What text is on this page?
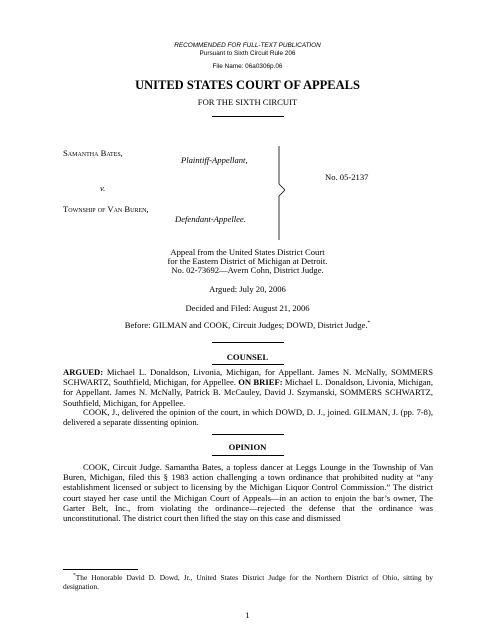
RECOMMENDED FOR FULL-TEXT PUBLICATION
Pursuant to Sixth Circuit Rule 206
File Name: 06a0306p.06
UNITED STATES COURT OF APPEALS
FOR THE SIXTH CIRCUIT
Samantha Bates,
Plaintiff-Appellant,
v.
Township of Van Buren,
Defendant-Appellee.
No. 05-2137
Appeal from the United States District Court
for the Eastern District of Michigan at Detroit.
No. 02-73692—Avern Cohn, District Judge.
Argued: July 20, 2006
Decided and Filed: August 21, 2006
Before: GILMAN and COOK, Circuit Judges; DOWD, District Judge.*
COUNSEL
ARGUED: Michael L. Donaldson, Livonia, Michigan, for Appellant. James N. McNally, SOMMERS SCHWARTZ, Southfield, Michigan, for Appellee. ON BRIEF: Michael L. Donaldson, Livonia, Michigan, for Appellant. James N. McNally, Patrick B. McCauley, David J. Szymanski, SOMMERS SCHWARTZ, Southfield, Michigan, for Appellee.
COOK, J., delivered the opinion of the court, in which DOWD, D. J., joined. GILMAN, J. (pp. 7-8), delivered a separate dissenting opinion.
OPINION
COOK, Circuit Judge. Samantha Bates, a topless dancer at Leggs Lounge in the Township of Van Buren, Michigan, filed this § 1983 action challenging a town ordinance that prohibited nudity at “any establishment licensed or subject to licensing by the Michigan Liquor Control Commission.” The district court stayed her case until the Michigan Court of Appeals—in an action to enjoin the bar’s owner, The Garter Belt, Inc., from violating the ordinance—rejected the defense that the ordinance was unconstitutional. The district court then lifted the stay on this case and dismissed
*The Honorable David D. Dowd, Jr., United States District Judge for the Northern District of Ohio, sitting by designation.
1
